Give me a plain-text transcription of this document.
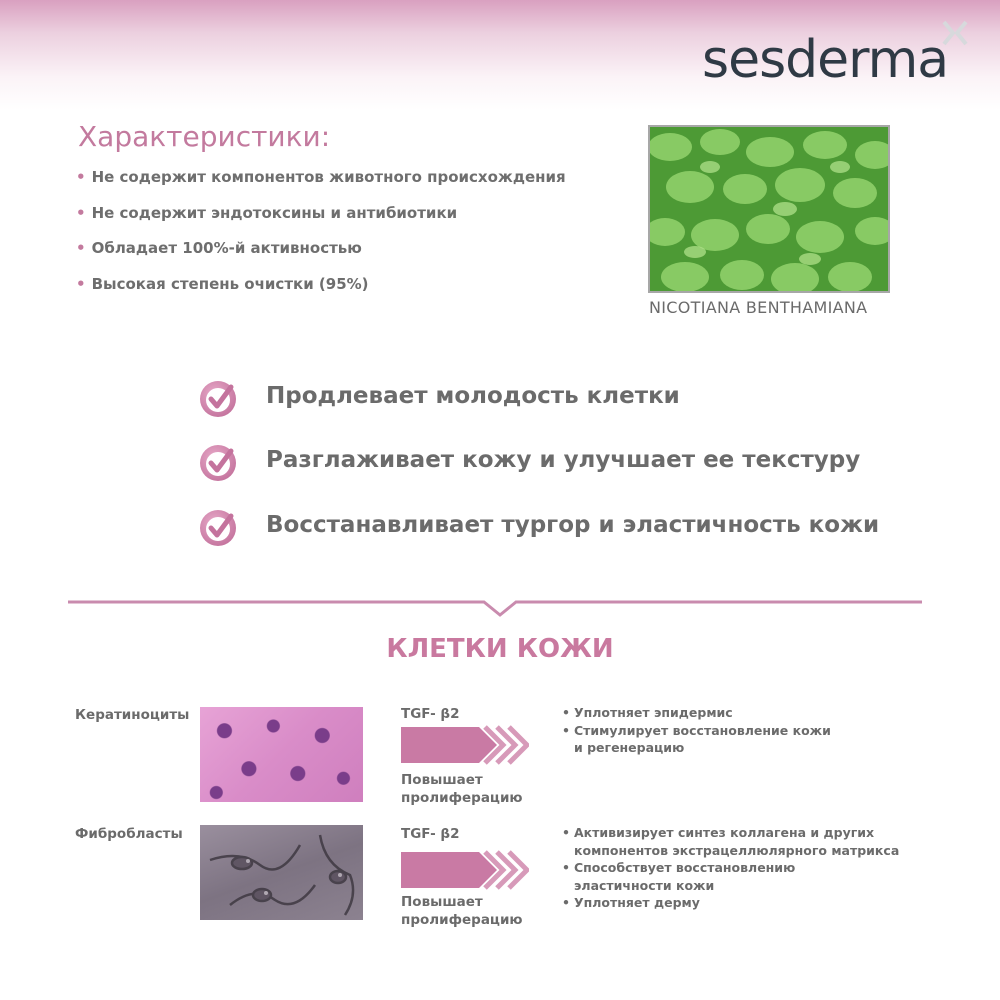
sesderma
Характеристики:
• Не содержит компонентов животного происхождения
• Не содержит эндотоксины и антибиотики
• Обладает 100%-й активностью
• Высокая степень очистки (95%)
NICOTIANA BENTHAMIANA
Продлевает молодость клетки
Разглаживает кожу и улучшает ее текстуру
Восстанавливает тургор и эластичность кожи
КЛЕТКИ КОЖИ
Кератиноциты	TGF- β2
Повышает
пролиферацию
• Уплотняет эпидермис
• Стимулирует восстановление кожи и регенерацию
Фибробласты	TGF- β2
Повышает
пролиферацию
• Активизирует синтез коллагена и других компонентов экстрацеллюлярного матрикса
• Способствует восстановлению эластичности кожи
• Уплотняет дерму
